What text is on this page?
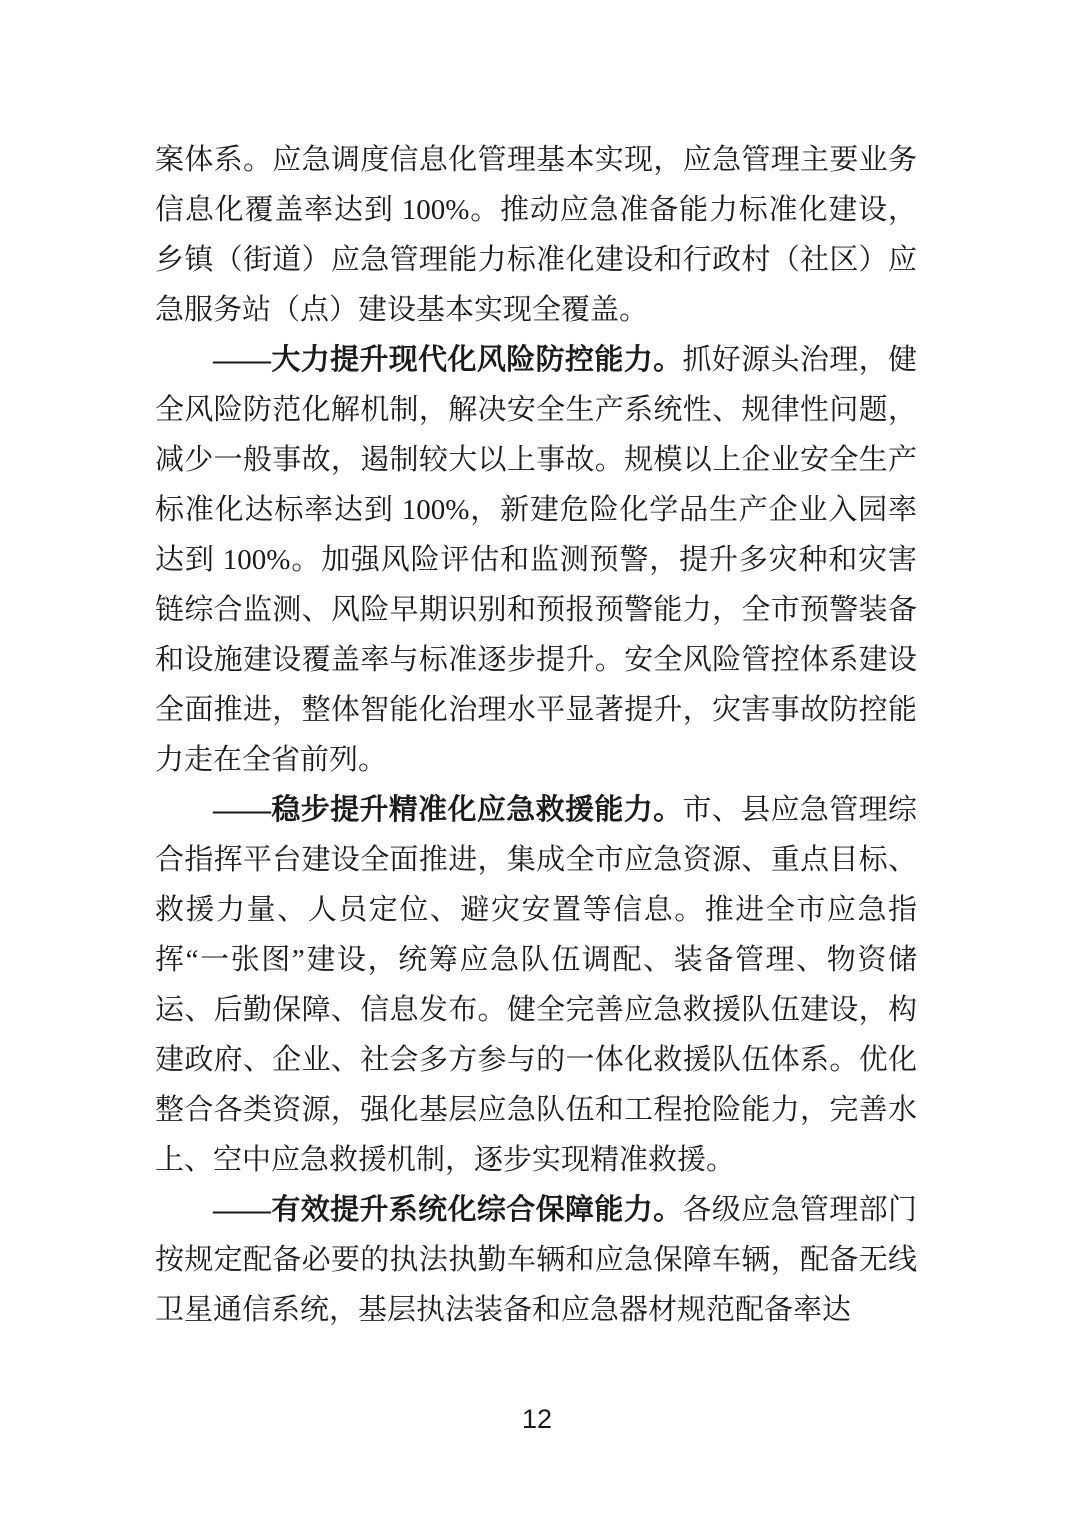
案体系。应急调度信息化管理基本实现，应急管理主要业务信息化覆盖率达到 100%。推动应急准备能力标准化建设，乡镇（街道）应急管理能力标准化建设和行政村（社区）应急服务站（点）建设基本实现全覆盖。

——大力提升现代化风险防控能力。抓好源头治理，健全风险防范化解机制，解决安全生产系统性、规律性问题，减少一般事故，遏制较大以上事故。规模以上企业安全生产标准化达标率达到 100%，新建危险化学品生产企业入园率达到 100%。加强风险评估和监测预警，提升多灾种和灾害链综合监测、风险早期识别和预报预警能力，全市预警装备和设施建设覆盖率与标准逐步提升。安全风险管控体系建设全面推进，整体智能化治理水平显著提升，灾害事故防控能力走在全省前列。

——稳步提升精准化应急救援能力。市、县应急管理综合指挥平台建设全面推进，集成全市应急资源、重点目标、救援力量、人员定位、避灾安置等信息。推进全市应急指挥“一张图”建设，统筹应急队伍调配、装备管理、物资储运、后勤保障、信息发布。健全完善应急救援队伍建设，构建政府、企业、社会多方参与的一体化救援队伍体系。优化整合各类资源，强化基层应急队伍和工程抢险能力，完善水上、空中应急救援机制，逐步实现精准救援。

——有效提升系统化综合保障能力。各级应急管理部门按规定配备必要的执法执勤车辆和应急保障车辆，配备无线卫星通信系统，基层执法装备和应急器材规范配备率达

12
